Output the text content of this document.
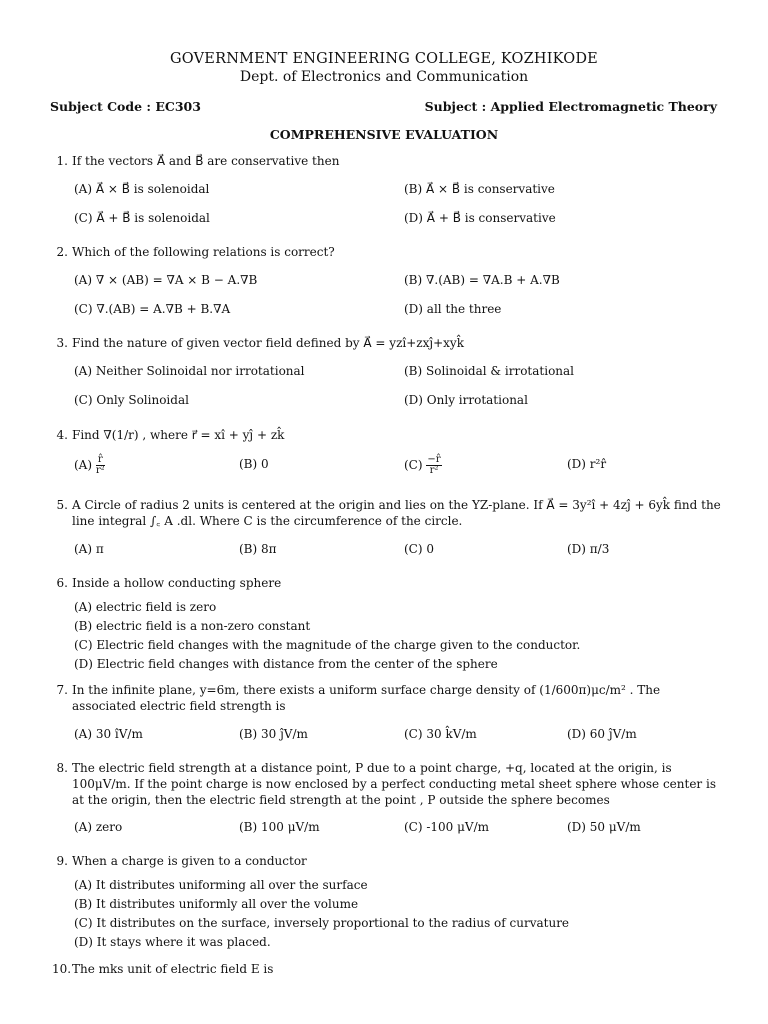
GOVERNMENT ENGINEERING COLLEGE, KOZHIKODE
Dept. of Electronics and Communication
Subject Code : EC303	Subject : Applied Electromagnetic Theory
COMPREHENSIVE EVALUATION
1. If the vectors A⃗ and B⃗ are conservative then
(A) A⃗ × B⃗ is solenoidal	(B) A⃗ × B⃗ is conservative
(C) A⃗ + B⃗ is solenoidal	(D) A⃗ + B⃗ is conservative
2. Which of the following relations is correct?
(A) ∇ × (AB) = ∇A × B − A.∇B	(B) ∇.(AB) = ∇A.B + A.∇B
(C) ∇.(AB) = A.∇B + B.∇A	(D) all the three
3. Find the nature of given vector field defined by A⃗ = yzî+zxĵ+xyk̂
(A) Neither Solinoidal nor irrotational	(B) Solinoidal & irrotational
(C) Only Solinoidal	(D) Only irrotational
4. Find ∇(1/r) , where r⃗ = xî + yĵ + zk̂
$(A) \frac{r̂}{\text{r²}}$	(B) 0	$(C) \frac{-r̂}{\text{r²}}$	(D) r²r̂
5. A Circle of radius 2 units is centered at the origin and lies on the YZ-plane. If A⃗ = 3y²î + 4zĵ + 6yk̂ find the line integral ∫꜀ A .dl. Where C is the circumference of the circle.
(A) π	(B) 8π	(C) 0	(D) π/3
6. Inside a hollow conducting sphere
(A) electric field is zero
(B) electric field is a non-zero constant
(C) Electric field changes with the magnitude of the charge given to the conductor.
(D) Electric field changes with distance from the center of the sphere
7. In the infinite plane, y=6m, there exists a uniform surface charge density of (1/600π)μc/m² . The associated electric field strength is
(A) 30 îV/m	(B) 30 ĵV/m	(C) 30 k̂V/m	(D) 60 ĵV/m
8. The electric field strength at a distance point, P due to a point charge, +q, located at the origin, is 100μV/m. If the point charge is now enclosed by a perfect conducting metal sheet sphere whose center is at the origin, then the electric field strength at the point , P outside the sphere becomes
(A) zero	(B) 100 μV/m	(C) -100 μV/m	(D) 50 μV/m
9. When a charge is given to a conductor
(A) It distributes uniforming all over the surface
(B) It distributes uniformly all over the volume
(C) It distributes on the surface, inversely proportional to the radius of curvature
(D) It stays where it was placed.
10. The mks unit of electric field E is
